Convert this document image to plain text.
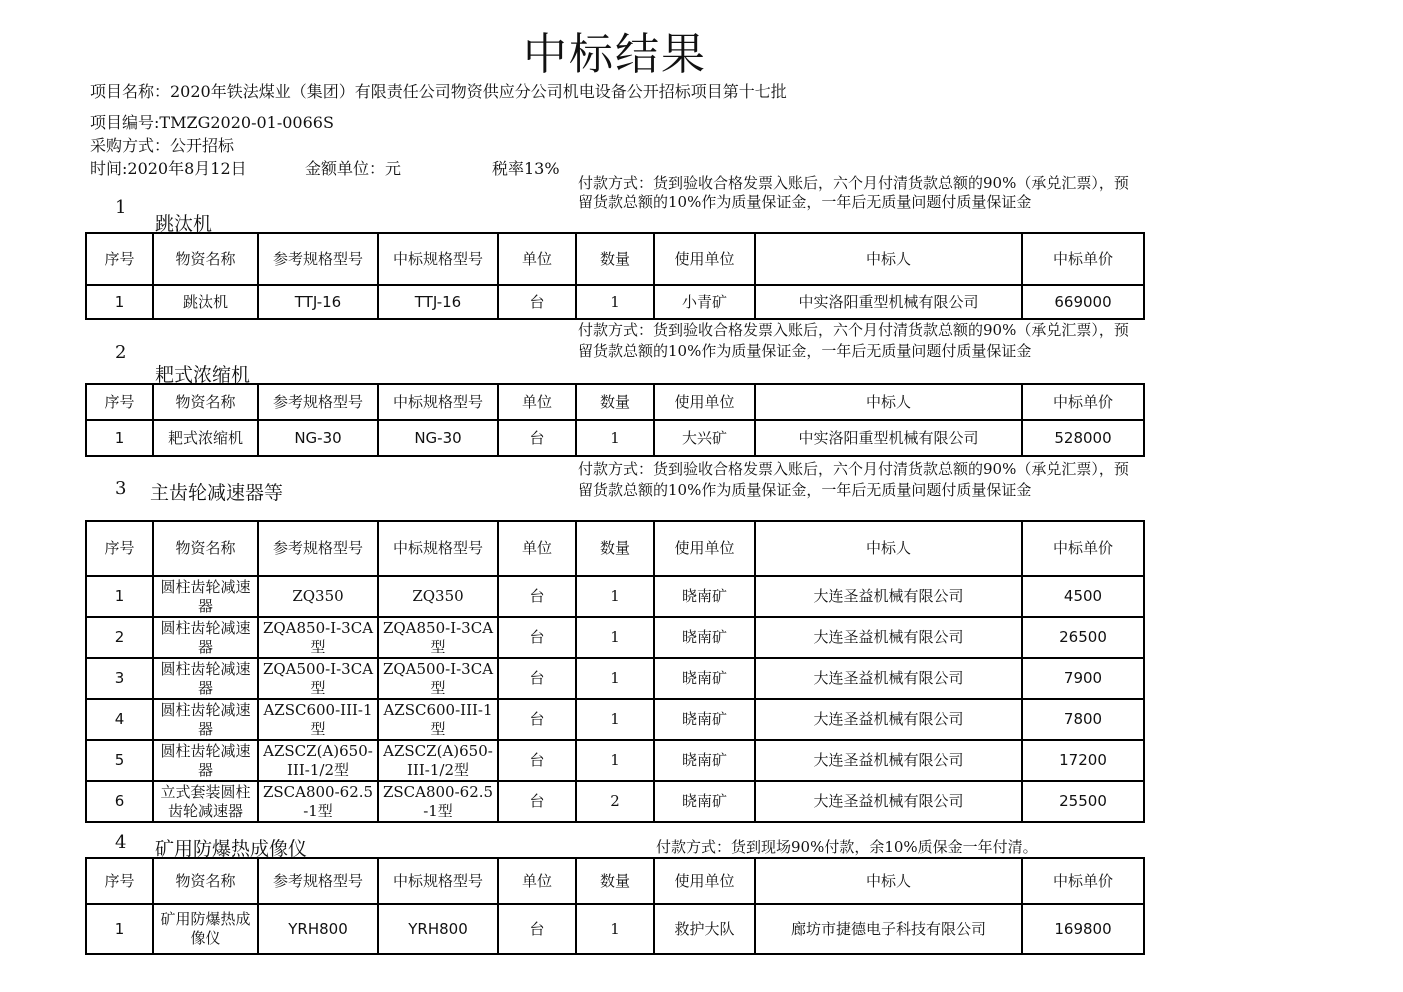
中标结果
项目名称：2020年铁法煤业（集团）有限责任公司物资供应分公司机电设备公开招标项目第十七批
项目编号:TMZG2020-01-0066S
采购方式：公开招标
时间:2020年8月12日	金额单位：元	税率13%
1
跳汰机
付款方式：货到验收合格发票入账后，六个月付清货款总额的90%（承兑汇票），预留货款总额的10%作为质量保证金，一年后无质量问题付质量保证金
序号	物资名称	参考规格型号	中标规格型号	单位	数量	使用单位	中标人	中标单价
1	跳汰机	TTJ-16	TTJ-16	台	1	小青矿	中实洛阳重型机械有限公司	669000
2
耙式浓缩机
付款方式：货到验收合格发票入账后，六个月付清货款总额的90%（承兑汇票），预留货款总额的10%作为质量保证金，一年后无质量问题付质量保证金
序号	物资名称	参考规格型号	中标规格型号	单位	数量	使用单位	中标人	中标单价
1	耙式浓缩机	NG-30	NG-30	台	1	大兴矿	中实洛阳重型机械有限公司	528000
3 主齿轮减速器等
付款方式：货到验收合格发票入账后，六个月付清货款总额的90%（承兑汇票），预留货款总额的10%作为质量保证金，一年后无质量问题付质量保证金
序号	物资名称	参考规格型号	中标规格型号	单位	数量	使用单位	中标人	中标单价
1	圆柱齿轮减速器	ZQ350	ZQ350	台	1	晓南矿	大连圣益机械有限公司	4500
2	圆柱齿轮减速器	ZQA850-Ⅰ-3CA型	ZQA850-Ⅰ-3CA型	台	1	晓南矿	大连圣益机械有限公司	26500
3	圆柱齿轮减速器	ZQA500-Ⅰ-3CA型	ZQA500-Ⅰ-3CA型	台	1	晓南矿	大连圣益机械有限公司	7900
4	圆柱齿轮减速器	AZSC600-III-1型	AZSC600-III-1型	台	1	晓南矿	大连圣益机械有限公司	7800
5	圆柱齿轮减速器	AZSCZ(A)650-III-1/2型	AZSCZ(A)650-III-1/2型	台	1	晓南矿	大连圣益机械有限公司	17200
6	立式套装圆柱齿轮减速器	ZSCA800-62.5-1型	ZSCA800-62.5-1型	台	2	晓南矿	大连圣益机械有限公司	25500
4 矿用防爆热成像仪	付款方式：货到现场90%付款，余10%质保金一年付清。
序号	物资名称	参考规格型号	中标规格型号	单位	数量	使用单位	中标人	中标单价
1	矿用防爆热成像仪	YRH800	YRH800	台	1	救护大队	廊坊市捷德电子科技有限公司	169800
